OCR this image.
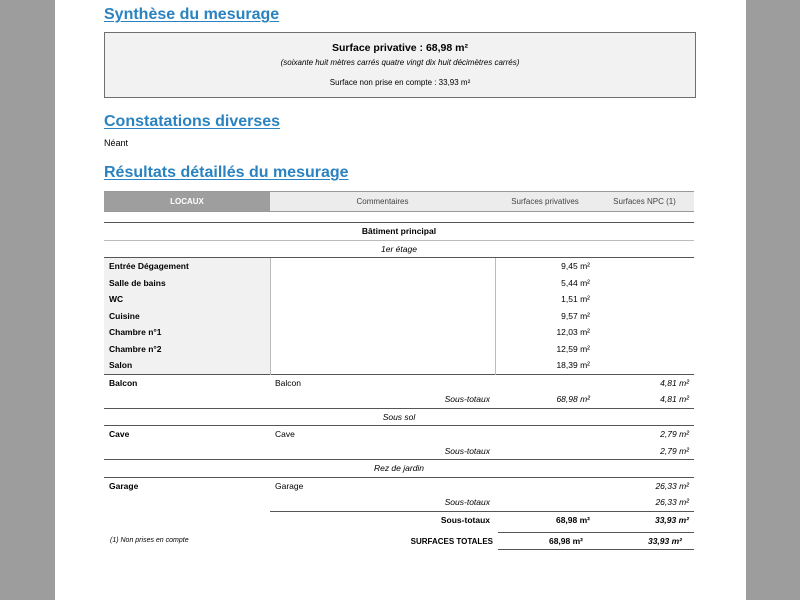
Synthèse du mesurage
Surface privative : 68,98 m²
(soixante huit mètres carrés quatre vingt dix huit décimètres carrés)
Surface non prise en compte : 33,93 m²
Constatations diverses
Néant
Résultats détaillés du mesurage
LOCAUX	Commentaires	Surfaces privatives	Surfaces NPC (1)

Bâtiment principal			
1er étage			
Entrée Dégagement		9,45 m²	
Salle de bains		5,44 m²	
WC		1,51 m²	
Cuisine		9,57 m²	
Chambre n°1		12,03 m²	
Chambre n°2		12,59 m²	
Salon		18,39 m²	
Balcon	Balcon		4,81 m²
	Sous-totaux	68,98 m²	4,81 m²
Sous sol			
Cave	Cave		2,79 m²
	Sous-totaux		2,79 m²
Rez de jardin			
Garage	Garage		26,33 m²
	Sous-totaux		26,33 m²
	Sous-totaux	68,98 m²	33,93 m²
(1) Non prises en compte	SURFACES TOTALES	68,98 m²	33,93 m²
